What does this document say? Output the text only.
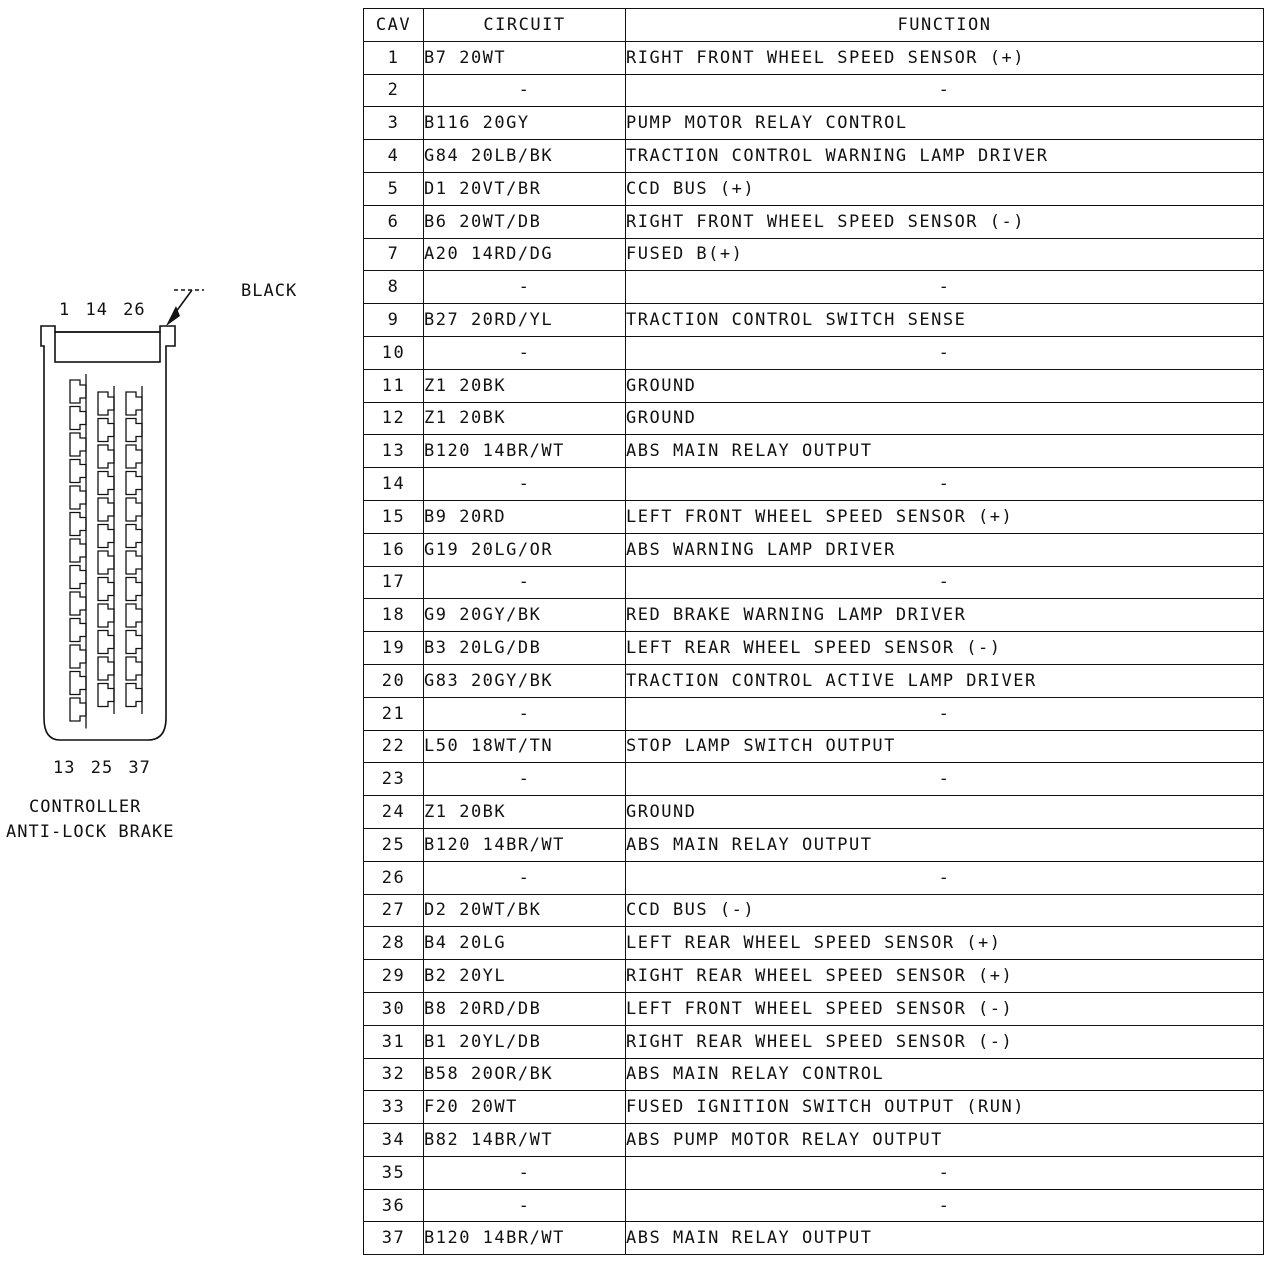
BLACK
1 14 26
13 25 37
CONTROLLER
ANTI-LOCK BRAKE
CAV	CIRCUIT	FUNCTION
1	B7 20WT	RIGHT FRONT WHEEL SPEED SENSOR (+)
2	-	-
3	B116 20GY	PUMP MOTOR RELAY CONTROL
4	G84 20LB/BK	TRACTION CONTROL WARNING LAMP DRIVER
5	D1 20VT/BR	CCD BUS (+)
6	B6 20WT/DB	RIGHT FRONT WHEEL SPEED SENSOR (-)
7	A20 14RD/DG	FUSED B(+)
8	-	-
9	B27 20RD/YL	TRACTION CONTROL SWITCH SENSE
10	-	-
11	Z1 20BK	GROUND
12	Z1 20BK	GROUND
13	B120 14BR/WT	ABS MAIN RELAY OUTPUT
14	-	-
15	B9 20RD	LEFT FRONT WHEEL SPEED SENSOR (+)
16	G19 20LG/OR	ABS WARNING LAMP DRIVER
17	-	-
18	G9 20GY/BK	RED BRAKE WARNING LAMP DRIVER
19	B3 20LG/DB	LEFT REAR WHEEL SPEED SENSOR (-)
20	G83 20GY/BK	TRACTION CONTROL ACTIVE LAMP DRIVER
21	-	-
22	L50 18WT/TN	STOP LAMP SWITCH OUTPUT
23	-	-
24	Z1 20BK	GROUND
25	B120 14BR/WT	ABS MAIN RELAY OUTPUT
26	-	-
27	D2 20WT/BK	CCD BUS (-)
28	B4 20LG	LEFT REAR WHEEL SPEED SENSOR (+)
29	B2 20YL	RIGHT REAR WHEEL SPEED SENSOR (+)
30	B8 20RD/DB	LEFT FRONT WHEEL SPEED SENSOR (-)
31	B1 20YL/DB	RIGHT REAR WHEEL SPEED SENSOR (-)
32	B58 20OR/BK	ABS MAIN RELAY CONTROL
33	F20 20WT	FUSED IGNITION SWITCH OUTPUT (RUN)
34	B82 14BR/WT	ABS PUMP MOTOR RELAY OUTPUT
35	-	-
36	-	-
37	B120 14BR/WT	ABS MAIN RELAY OUTPUT
